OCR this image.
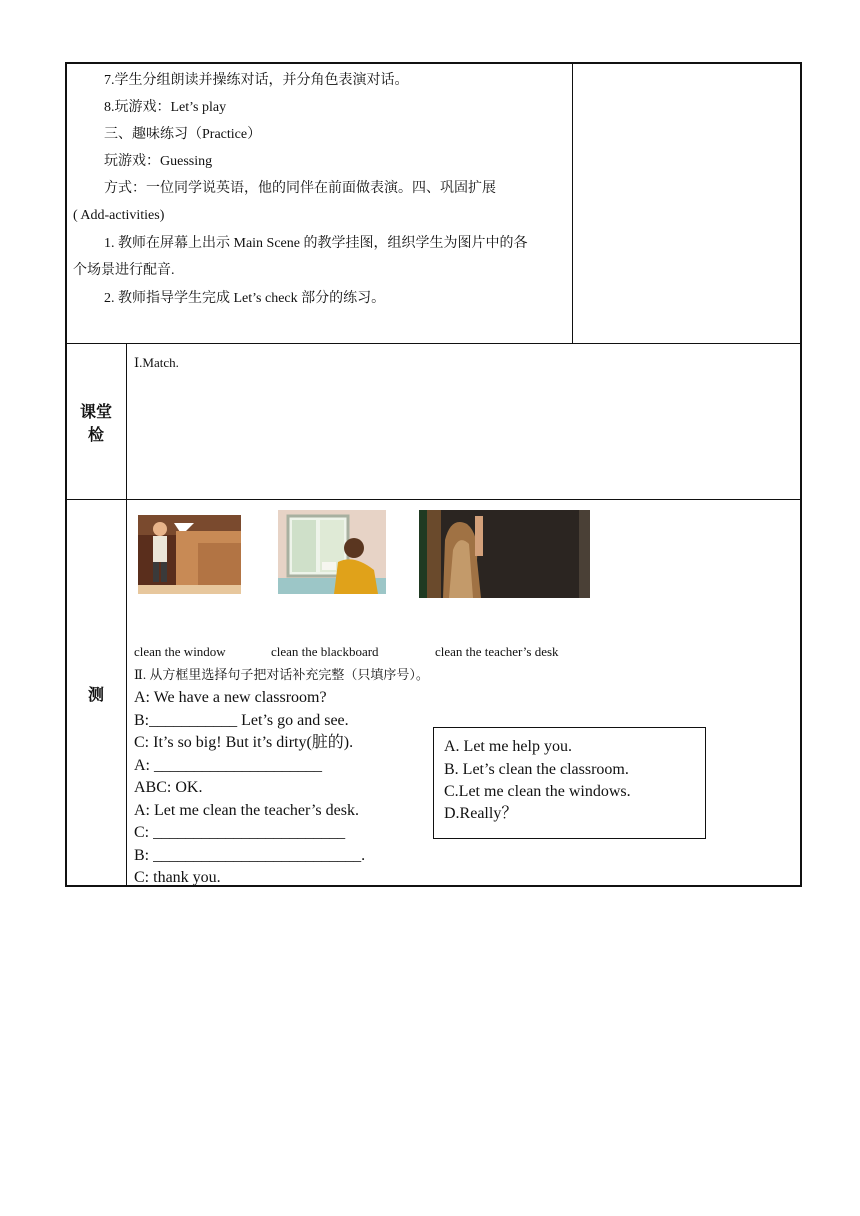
7.学生分组朗读并操练对话，并分角色表演对话。
8.玩游戏：Let’s play
三、趣味练习（Practice）
玩游戏：Guessing
方式：一位同学说英语，他的同伴在前面做表演。四、巩固扩展
( Add-activities)
1. 教师在屏幕上出示 Main Scene 的教学挂图，组织学生为图片中的各
个场景进行配音.
2. 教师指导学生完成 Let’s check 部分的练习。
课堂
检
测
Ⅰ.Match.
clean the window	clean the blackboard	clean the teacher’s desk
Ⅱ. 从方框里选择句子把对话补充完整（只填序号）。
A: We have a new classroom?
B:___________ Let’s go and see.
C: It’s so big! But it’s dirty(脏的).
A: _____________________
ABC: OK.
A: Let me clean the teacher’s desk.
C: ________________________
B: __________________________.
C: thank you.
A. Let me help you.
B. Let’s clean the classroom.
C.Let me clean the windows.
D.Really？
